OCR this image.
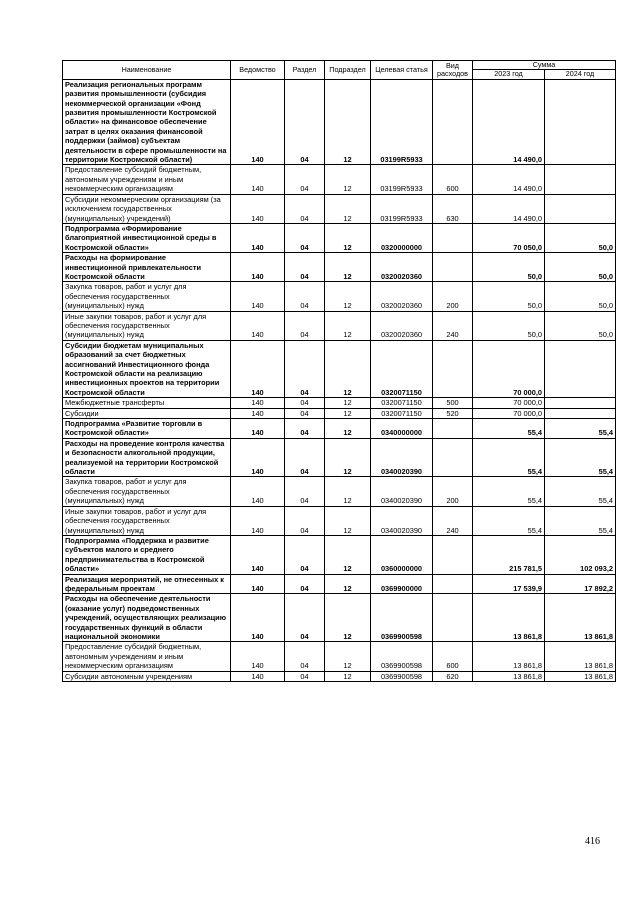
Наименование	Ведомство	Раздел	Подраздел	Целевая статья	Вид расходов	Сумма	
						2023 год	2024 год
Реализация региональных программ развития промышленности (субсидия некоммерческой организации «Фонд развития промышленности Костромской области» на финансовое обеспечение затрат в целях оказания финансовой поддержки (займов) субъектам деятельности в сфере промышленности на территории Костромской области)	140	04	12	03199R5933		14 490,0	
Предоставление субсидий бюджетным, автономным учреждениям и иным некоммерческим организациям	140	04	12	03199R5933	600	14 490,0	
Субсидии некоммерческим организациям (за исключением государственных (муниципальных) учреждений)	140	04	12	03199R5933	630	14 490,0	
Подпрограмма «Формирование благоприятной инвестиционной среды в Костромской области»	140	04	12	0320000000		70 050,0	50,0
Расходы на формирование инвестиционной привлекательности Костромской области	140	04	12	0320020360		50,0	50,0
Закупка товаров, работ и услуг для обеспечения государственных (муниципальных) нужд	140	04	12	0320020360	200	50,0	50,0
Иные закупки товаров, работ и услуг для обеспечения государственных (муниципальных) нужд	140	04	12	0320020360	240	50,0	50,0
Субсидии бюджетам муниципальных образований за счет бюджетных ассигнований Инвестиционного фонда Костромской области на реализацию инвестиционных проектов на территории Костромской области	140	04	12	0320071150		70 000,0	
Межбюджетные трансферты	140	04	12	0320071150	500	70 000,0	
Субсидии	140	04	12	0320071150	520	70 000,0	
Подпрограмма «Развитие торговли в Костромской области»	140	04	12	0340000000		55,4	55,4
Расходы на проведение контроля качества и безопасности алкогольной продукции, реализуемой на территории Костромской области	140	04	12	0340020390		55,4	55,4
Закупка товаров, работ и услуг для обеспечения государственных (муниципальных) нужд	140	04	12	0340020390	200	55,4	55,4
Иные закупки товаров, работ и услуг для обеспечения государственных (муниципальных) нужд	140	04	12	0340020390	240	55,4	55,4
Подпрограмма «Поддержка и развитие субъектов малого и среднего предпринимательства в Костромской области»	140	04	12	0360000000		215 781,5	102 093,2
Реализация мероприятий, не отнесенных к федеральным проектам	140	04	12	0369900000		17 539,9	17 892,2
Расходы на обеспечение деятельности (оказание услуг) подведомственных учреждений, осуществляющих реализацию государственных функций в области национальной экономики	140	04	12	0369900598		13 861,8	13 861,8
Предоставление субсидий бюджетным, автономным учреждениям и иным некоммерческим организациям	140	04	12	0369900598	600	13 861,8	13 861,8
Субсидии автономным учреждениям	140	04	12	0369900598	620	13 861,8	13 861,8
416
